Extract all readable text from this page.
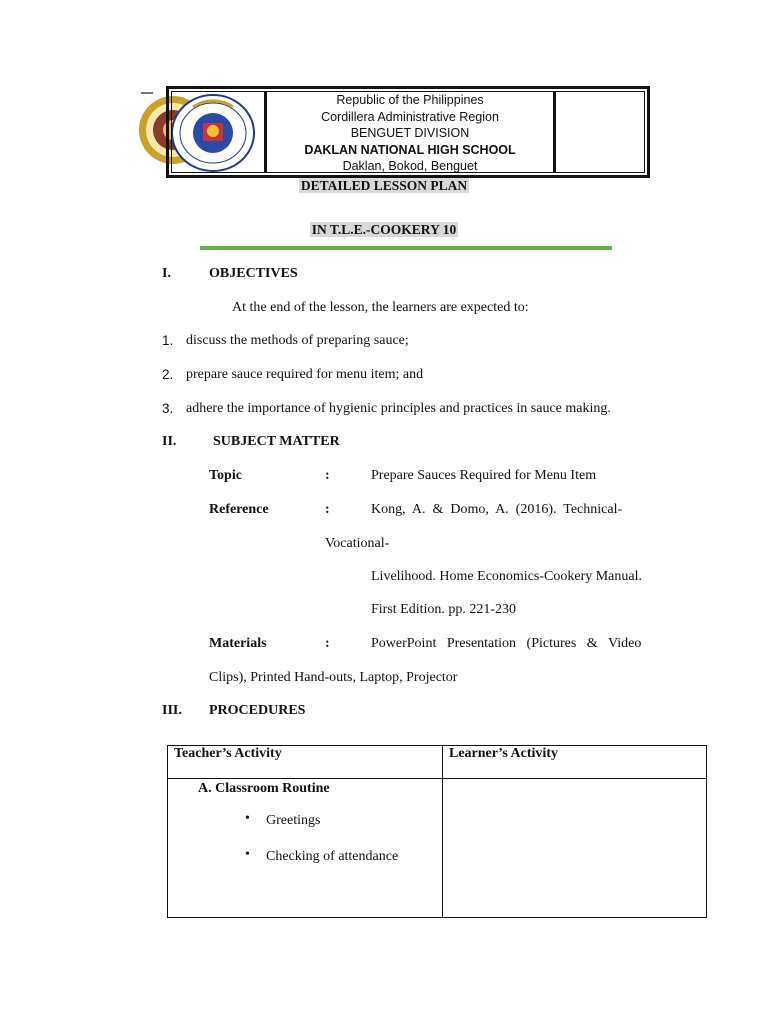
Republic of the Philippines
Cordillera Administrative Region
BENGUET DIVISION
DAKLAN NATIONAL HIGH SCHOOL
Daklan, Bokod, Benguet
DETAILED LESSON PLAN
IN T.L.E.-COOKERY 10
I.	OBJECTIVES
At the end of the lesson, the learners are expected to:
1. discuss the methods of preparing sauce;
2. prepare sauce required for menu item; and
3. adhere the importance of hygienic principles and practices in sauce making.
II.	SUBJECT MATTER
Topic	:	Prepare Sauces Required for Menu Item
Reference	:	Kong,  A.  &  Domo,  A.  (2016).  Technical-
Vocational-
Livelihood. Home Economics-Cookery Manual.
First Edition. pp. 221-230
Materials	:	PowerPoint   Presentation   (Pictures   &   Video
Clips), Printed Hand-outs, Laptop, Projector
III. PROCEDURES
Teacher’s Activity	Learner’s Activity

A. Classroom Routine
• Greetings
• Checking of attendance	
